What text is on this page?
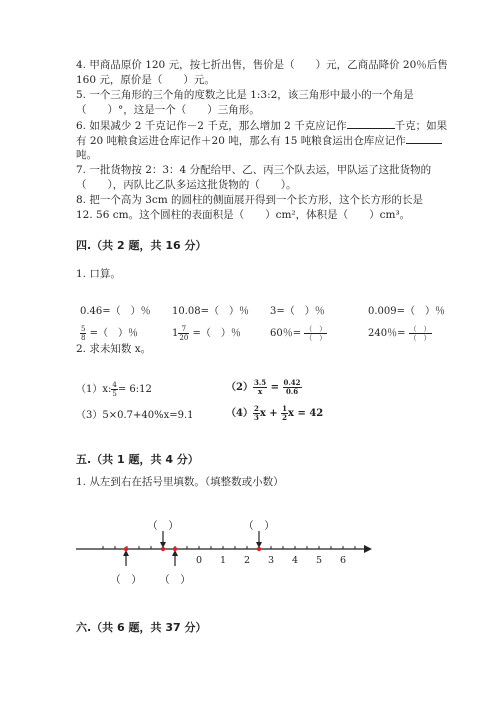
4. 甲商品原价 120 元，按七折出售，售价是（　　）元，乙商品降价 20％后售
160 元，原价是（　　）元。
5. 一个三角形的三个角的度数之比是 1:3:2，该三角形中最小的一个角是
（　　）°，这是一个（　　）三角形。
6. 如果减少 2 千克记作－2 千克，那么增加 2 千克应记作	千克；如果
有 20 吨粮食运进仓库记作＋20 吨，那么有 15 吨粮食运出仓库应记作
吨。
7. 一批货物按 2：3：4 分配给甲、乙、丙三个队去运，甲队运了这批货物的
（　　），丙队比乙队多运这批货物的（　　）。
8. 把一个高为 3cm 的圆柱的侧面展开得到一个长方形，这个长方形的长是
12. 56 cm。这个圆柱的表面积是（　　）cm²，体积是（　　）cm³。
四.（共 2 题，共 16 分）
1. 口算。
0.46=（　）％ 10.08=（　）％ 3=（　）％	0.009=（　）％
$\frac{5}{8}$ =（　）％	$1 \frac{7}{20}$ =（　）％	60％= $\frac{( )}{( )}$	240％= $\frac{( )}{( )}$
2. 求未知数 x。
（1）x: $\frac{4}{5}$ = 6:12	$(2) \frac{3.5}{x} = \frac{0.42}{0.6}$
（3）5×0.7+40%x=9.1	$(4) \frac{2}{3}$ $x + \frac{1}{2}$ x = 42
五.（共 1 题，共 4 分）
1. 从左到右在括号里填数。（填整数或小数）
（　）	（　）
（　） （　）
0 1 2 3 4 5 6
六.（共 6 题，共 37 分）
